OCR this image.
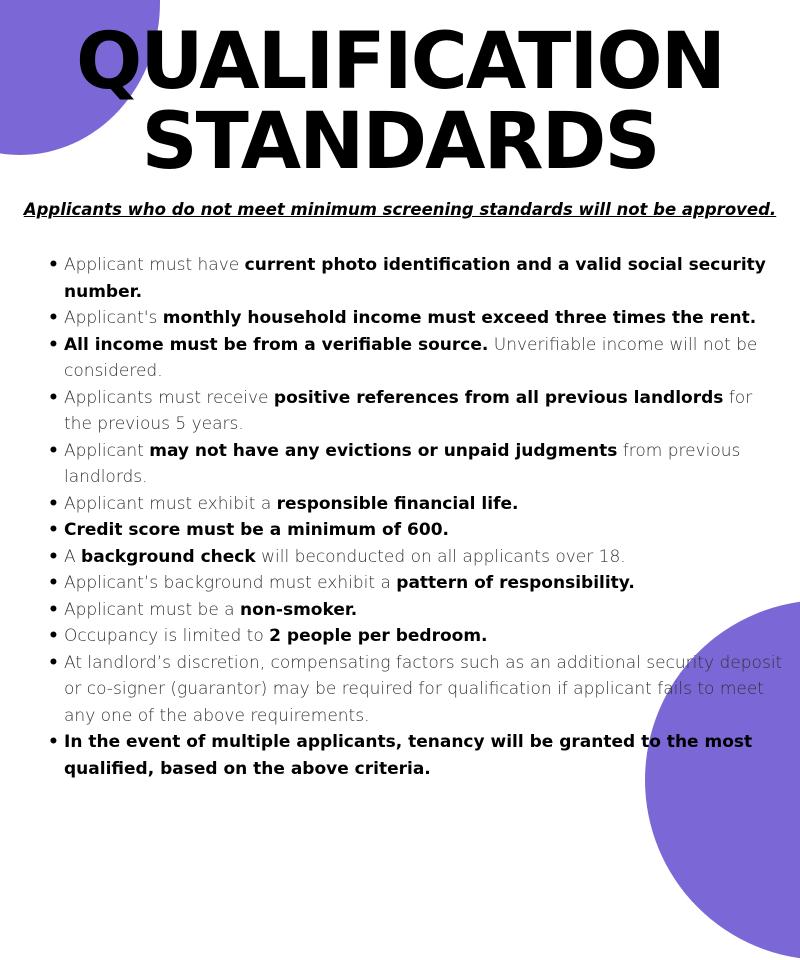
QUALIFICATION
STANDARDS
Applicants who do not meet minimum screening standards will not be approved.
• Applicant must have current photo identification and a valid social security number.
• Applicant's monthly household income must exceed three times the rent.
• All income must be from a verifiable source. Unverifiable income will not be considered.
• Applicants must receive positive references from all previous landlords for the previous 5 years.
• Applicant may not have any evictions or unpaid judgments from previous landlords.
• Applicant must exhibit a responsible financial life.
• Credit score must be a minimum of 600.
• A background check will beconducted on all applicants over 18.
• Applicant’s background must exhibit a pattern of responsibility.
• Applicant must be a non-smoker.
• Occupancy is limited to 2 people per bedroom.
• At landlord’s discretion, compensating factors such as an additional security deposit or co-signer (guarantor) may be required for qualification if applicant fails to meet any one of the above requirements.
• In the event of multiple applicants, tenancy will be granted to the most qualified, based on the above criteria.
